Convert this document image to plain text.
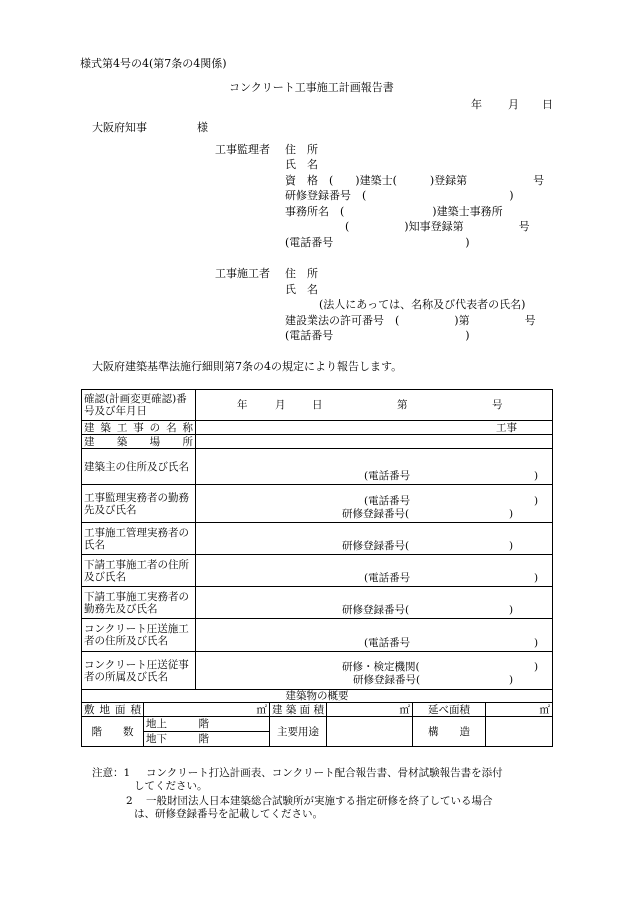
様式第4号の4(第7条の4関係)
コンクリート工事施工計画報告書
年 月 日
大阪府知事	様
工事監理者 住　所
氏　名
資　格　(　　)建築士(　　　)登録第　　　　　　号
研修登録番号　(　　　　　　　　　　　　　)
事務所名　(　　　　　　　　)建築士事務所
(　　　　　)知事登録第　　　　　号
(電話番号　　　　　　　　　　　　)
工事施工者 住　所
氏　名
(法人にあっては、名称及び代表者の氏名)
建設業法の許可番号　(　　　　　)第　　　　　号
(電話番号　　　　　　　　　　　　)
大阪府建築基準法施行細則第7条の4の規定により報告します。
確認(計画変更確認)番号及び年月日		年 月 日 第 号				

建築工事の名称		工事				

建築場所						
建築主の住所及び氏名		(電話番号 )				

工事監理実務者の勤務先及び氏名		(電話番号 )
研修登録番号( )				

工事施工管理実務者の氏名		研修登録番号( )				

下請工事施工者の住所及び氏名		(電話番号 )				

下請工事施工実務者の勤務先及び氏名		研修登録番号( )				

コンクリート圧送施工者の住所及び氏名		(電話番号 )				

コンクリート圧送従事者の所属及び氏名		研修・検定機関( )
研修登録番号( )				

建築物の概要						
敷地面積	㎡		建築面積	㎡	延べ面積	㎡
階　　数	地上　　　階		主要用途		構　　造	
	地下　　　階					
注意：1 コンクリート打込計画表、コンクリート配合報告書、骨材試験報告書を添付
してください。
2 一般財団法人日本建築総合試験所が実施する指定研修を終了している場合
は、研修登録番号を記載してください。
